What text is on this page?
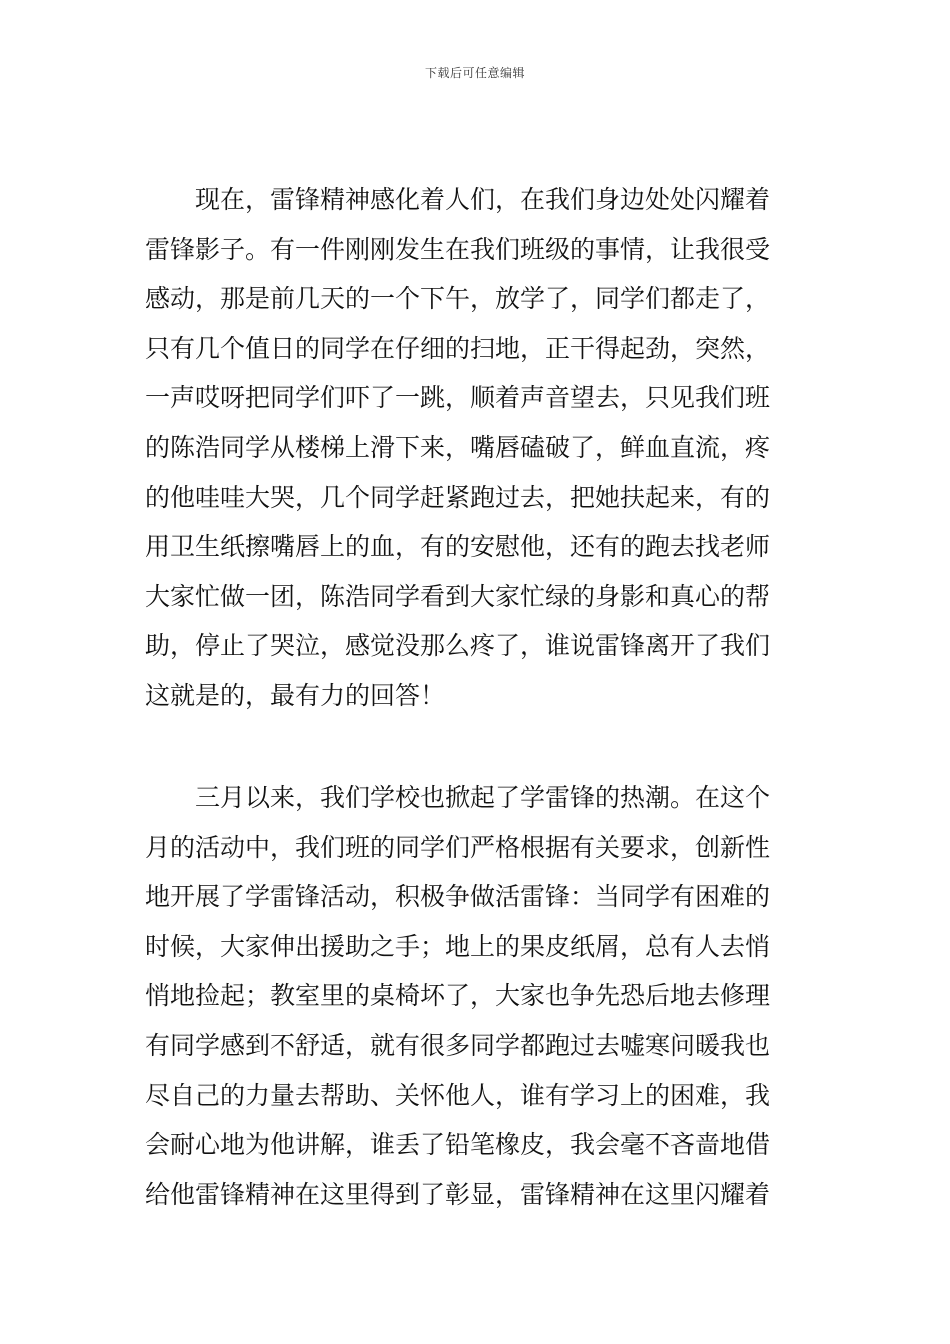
下载后可任意编辑
　　现在，雷锋精神感化着人们，在我们身边处处闪耀着
雷锋影子。有一件刚刚发生在我们班级的事情，让我很受
感动，那是前几天的一个下午，放学了，同学们都走了，
只有几个值日的同学在仔细的扫地，正干得起劲，突然，
一声哎呀把同学们吓了一跳，顺着声音望去，只见我们班
的陈浩同学从楼梯上滑下来，嘴唇磕破了，鲜血直流，疼
的他哇哇大哭，几个同学赶紧跑过去，把她扶起来，有的
用卫生纸擦嘴唇上的血，有的安慰他，还有的跑去找老师
大家忙做一团，陈浩同学看到大家忙绿的身影和真心的帮
助，停止了哭泣，感觉没那么疼了，谁说雷锋离开了我们
这就是的，最有力的回答！
　　三月以来，我们学校也掀起了学雷锋的热潮。在这个
月的活动中，我们班的同学们严格根据有关要求，创新性
地开展了学雷锋活动，积极争做活雷锋：当同学有困难的
时候，大家伸出援助之手；地上的果皮纸屑，总有人去悄
悄地捡起；教室里的桌椅坏了，大家也争先恐后地去修理
有同学感到不舒适，就有很多同学都跑过去嘘寒问暖我也
尽自己的力量去帮助、关怀他人，谁有学习上的困难，我
会耐心地为他讲解，谁丢了铅笔橡皮，我会毫不吝啬地借
给他雷锋精神在这里得到了彰显，雷锋精神在这里闪耀着
